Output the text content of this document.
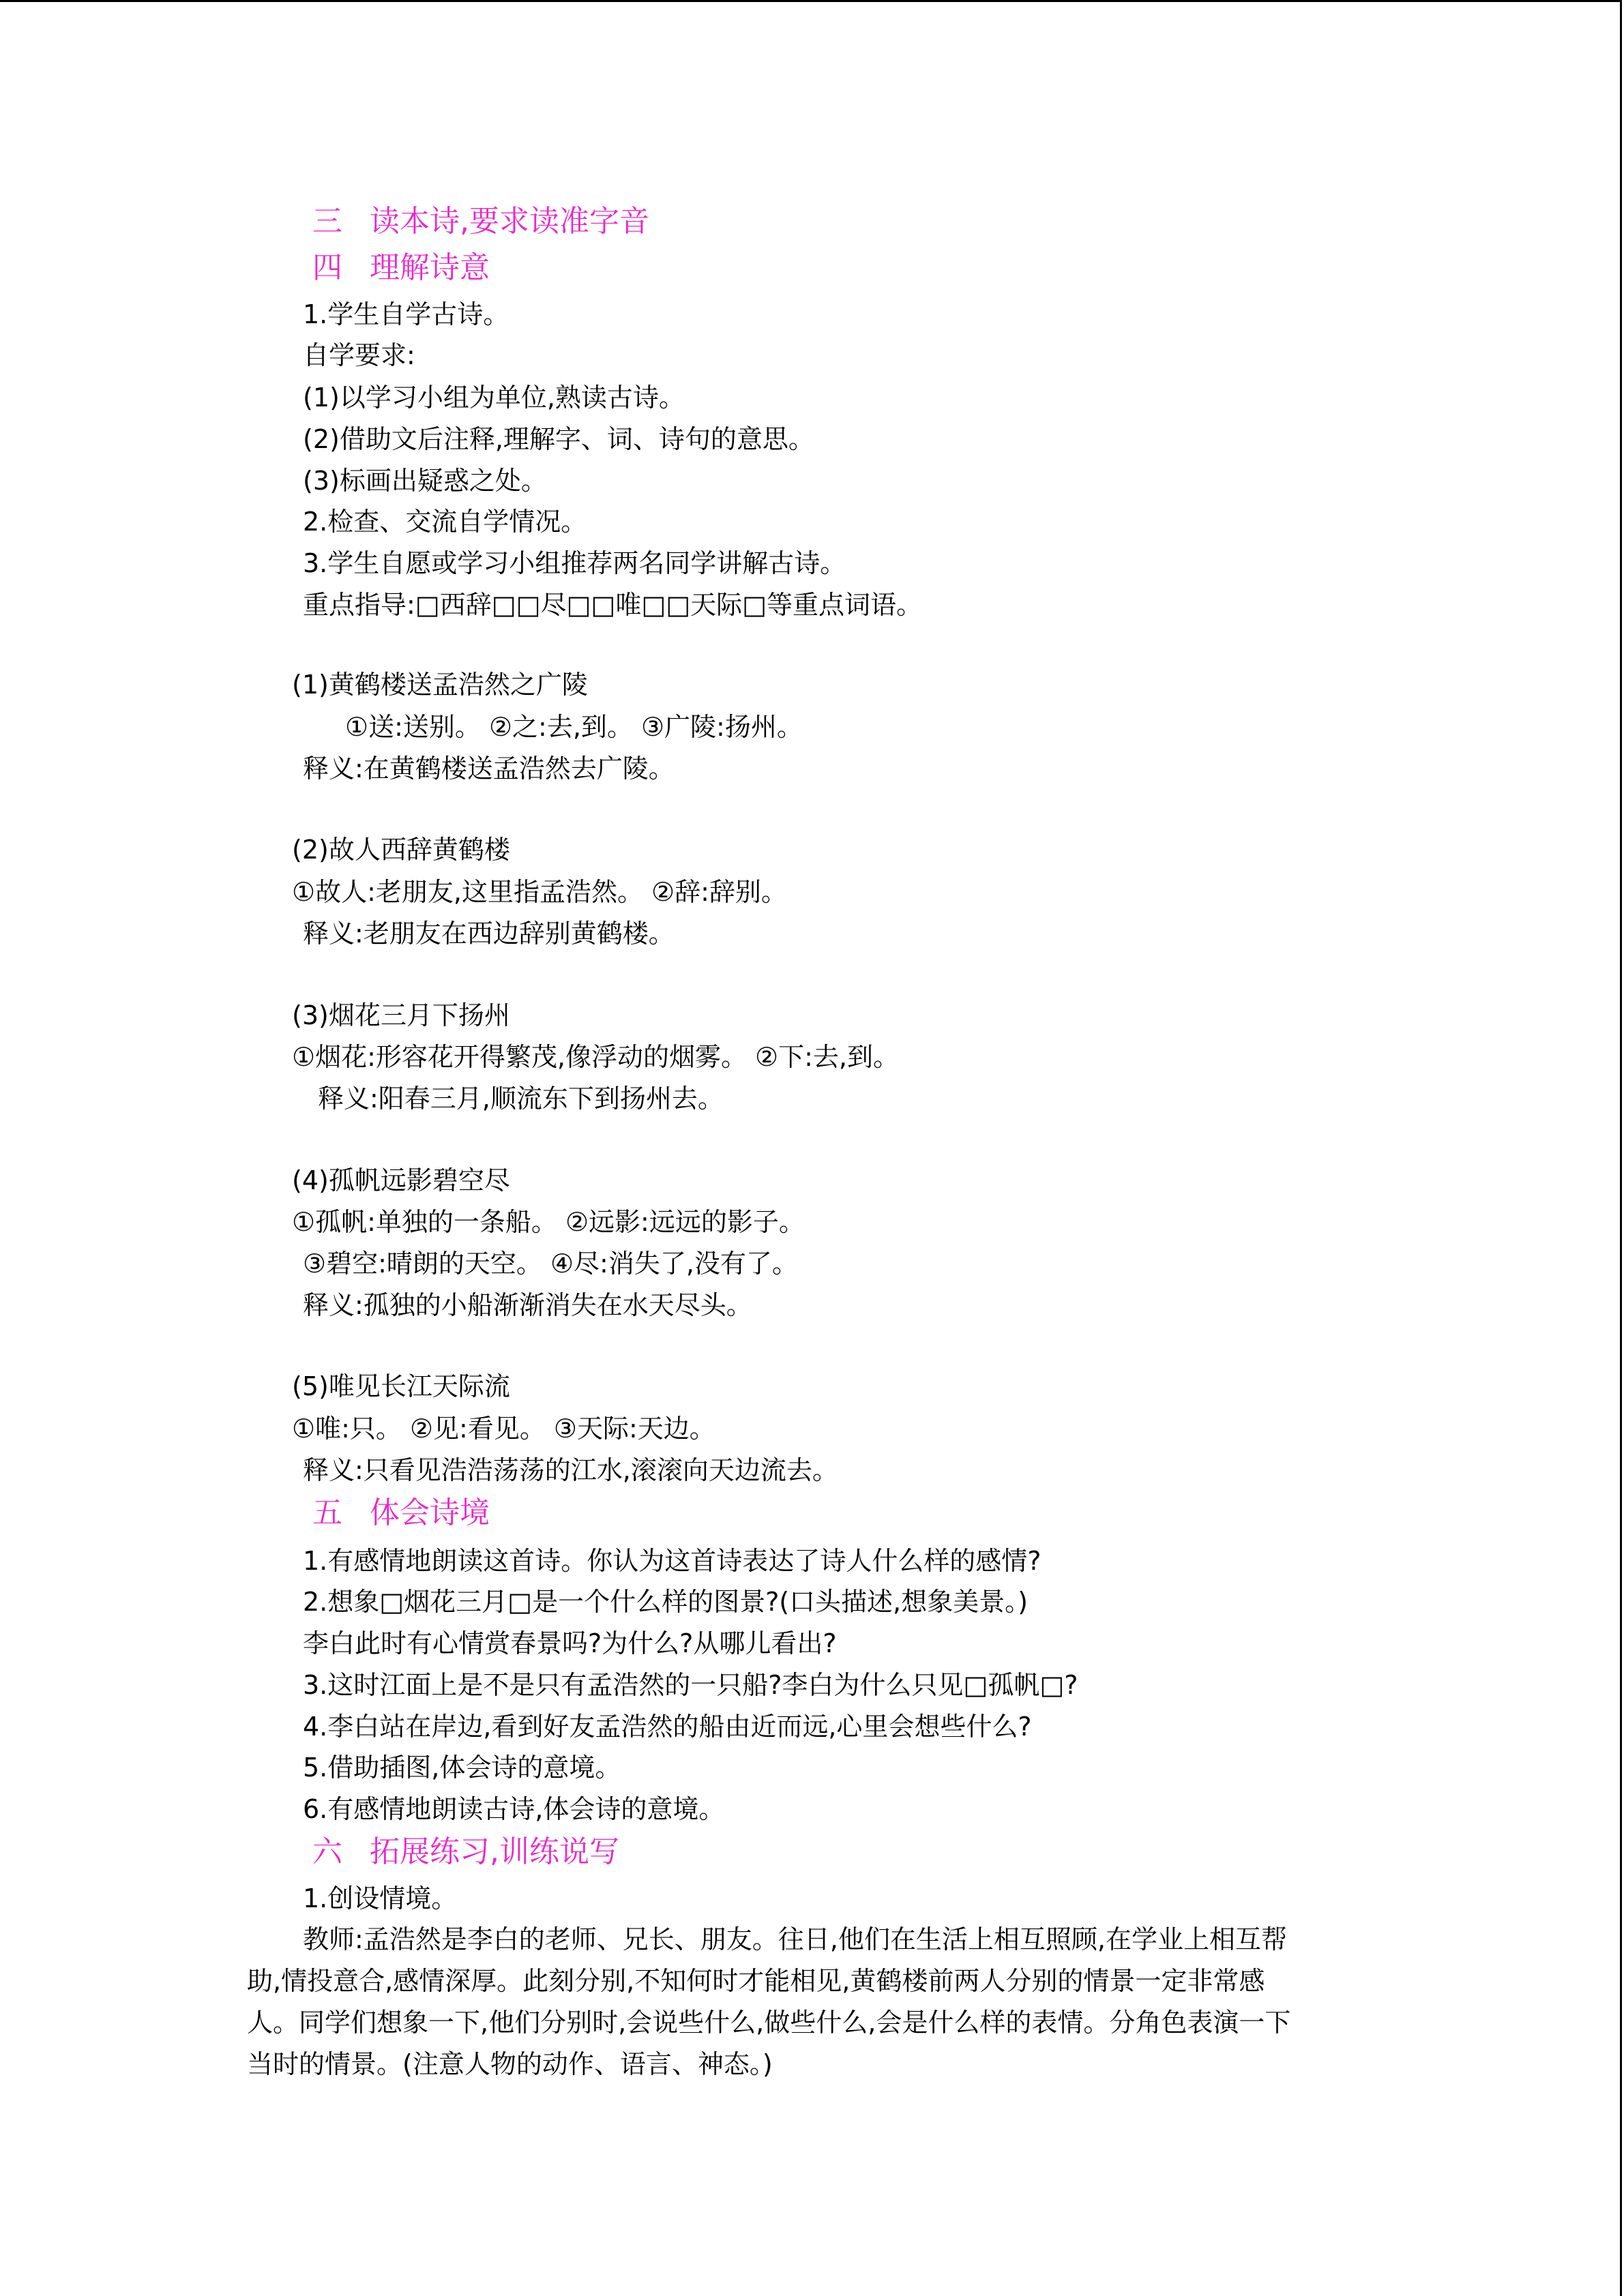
三 读本诗,要求读准字音
四 理解诗意
1.学生自学古诗。
自学要求:
(1)以学习小组为单位,熟读古诗。
(2)借助文后注释,理解字、词、诗句的意思。
(3)标画出疑惑之处。
2.检查、交流自学情况。
3.学生自愿或学习小组推荐两名同学讲解古诗。
重点指导:□西辞□□尽□□唯□□天际□等重点词语。
(1)黄鹤楼送孟浩然之广陵
①送:送别。 ②之:去,到。 ③广陵:扬州。
释义:在黄鹤楼送孟浩然去广陵。
(2)故人西辞黄鹤楼
①故人:老朋友,这里指孟浩然。 ②辞:辞别。
释义:老朋友在西边辞别黄鹤楼。
(3)烟花三月下扬州
①烟花:形容花开得繁茂,像浮动的烟雾。 ②下:去,到。
释义:阳春三月,顺流东下到扬州去。
(4)孤帆远影碧空尽
①孤帆:单独的一条船。 ②远影:远远的影子。
③碧空:晴朗的天空。 ④尽:消失了,没有了。
释义:孤独的小船渐渐消失在水天尽头。
(5)唯见长江天际流
①唯:只。 ②见:看见。 ③天际:天边。
释义:只看见浩浩荡荡的江水,滚滚向天边流去。
五 体会诗境
1.有感情地朗读这首诗。你认为这首诗表达了诗人什么样的感情?
2.想象□烟花三月□是一个什么样的图景?(口头描述,想象美景。)
李白此时有心情赏春景吗?为什么?从哪儿看出?
3.这时江面上是不是只有孟浩然的一只船?李白为什么只见□孤帆□?
4.李白站在岸边,看到好友孟浩然的船由近而远,心里会想些什么?
5.借助插图,体会诗的意境。
6.有感情地朗读古诗,体会诗的意境。
六 拓展练习,训练说写
1.创设情境。
教师:孟浩然是李白的老师、兄长、朋友。往日,他们在生活上相互照顾,在学业上相互帮
助,情投意合,感情深厚。此刻分别,不知何时才能相见,黄鹤楼前两人分别的情景一定非常感
人。同学们想象一下,他们分别时,会说些什么,做些什么,会是什么样的表情。分角色表演一下
当时的情景。(注意人物的动作、语言、神态。)
